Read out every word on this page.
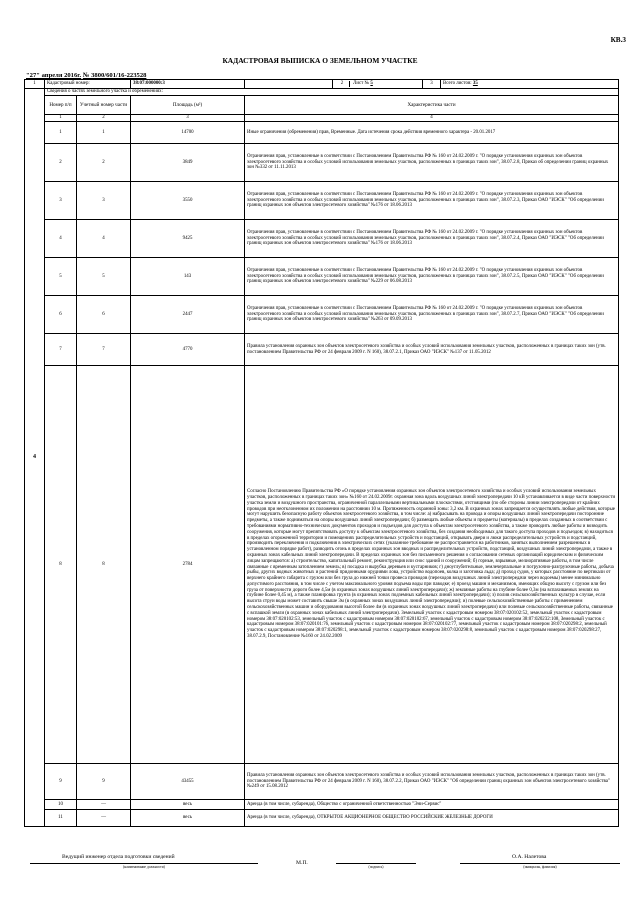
КВ.3
КАДАСТРОВАЯ ВЫПИСКА О ЗЕМЕЛЬНОМ УЧАСТКЕ
"27" апреля 2016г. № 3800/601/16-223528
1	Кадастровый номер:		38:07:000000:3		2 Лист № 5	3	Всего листов: 35
4	Сведения о частях земельного участка и обременениях:						
	Номер п/п	Учетный номер части	Площадь (м²)	Характеристика части			
	1	2	3	4			
	1	1	14700	Иные ограничения (обременения) прав, Временные. Дата истечения срока действия временного характера - 20.01.2017			
	2	2	3849	Ограничения прав, установленные в соответствии с Постановлением Правительства РФ № 160 от 24.02.2009 г. "О порядке установления охранных зон объектов электросетевого хозяйства и особых условий использования земельных участков, расположенных в границах таких зон", 38.07.2.8, Приказ об определении границ охранных зон №332 от 11.11.2013			
	3	3	3550	Ограничения прав, установленные в соответствии с Постановлением Правительства РФ № 160 от 24.02.2009 г. "О порядке установления охранных зон объектов электросетевого хозяйства и особых условий использования земельных участков, расположенных в границах таких зон", 38.07.2.3, Приказ ОАО "ИЭСК" "Об определении границ охранных зон объектов электросетевого хозяйства" №176 от 18.06.2013			
	4	4	9425	Ограничения прав, установленные в соответствии с Постановлением Правительства РФ № 160 от 24.02.2009 г. "О порядке установления охранных зон объектов электросетевого хозяйства и особых условий использования земельных участков, расположенных в границах таких зон", 38.07.2.4, Приказ ОАО "ИЭСК" "Об определении границ охранных зон объектов электросетевого хозяйства" №176 от 18.06.2013			
	5	5	143	Ограничения прав, установленные в соответствии с Постановлением Правительства РФ № 160 от 24.02.2009 г. "О порядке установления охранных зон объектов электросетевого хозяйства и особых условий использования земельных участков, расположенных в границах таких зон", 38.07.2.5, Приказ ОАО "ИЭСК" "Об определении границ охранных зон объектов электросетевого хозяйства" №229 от 06.08.2013			
	6	6	2447	Ограничения прав, установленные в соответствии с Постановлением Правительства РФ № 160 от 24.02.2009 г. "О порядке установления охранных зон объектов электросетевого хозяйства и особых условий использования земельных участков, расположенных в границах таких зон", 38.07.2.7, Приказ ОАО "ИЭСК" "Об определении границ охранных зон объектов электросетевого хозяйства" №263 от 09.09.2013			
	7	7	4770	Правила установления охранных зон объектов электросетевого хозяйства и особых условий использования земельных участков, расположенных в границах таких зон (утв. постановлением Правительства РФ от 24 февраля 2009 г. N 160), 38.07.2.1, Приказ ОАО "ИЭСК" №137 от 11.05.2012			
	8	8	2784	Согласно Постановлению Правительства РФ «О порядке установления охранных зон объектов электросетевого хозяйства и особых условий использования земельных участков, расположенных в границах таких зон» №160 от 24.02.2009г. охранная зона вдоль воздушных линий электропередачи 10 кВ устанавливается в виде части поверхности участка земли и воздушного пространства, ограниченной параллельными вертикальными плоскостями, отстоящими (по обе стороны линии электропередачи от крайних проводов при неотклоненном их положении на расстоянии 10 м. Протяженность охранной зоны: 3,2 км. В охранных зонах запрещается осуществлять любые действия, которые могут нарушить безопасную работу объектов электросетевого хозяйства, в том числе: а) набрасывать на провода и опоры воздушных линий электропередачи посторонние предметы, а также подниматься на опоры воздушных линий электропередачи; б) размещать любые объекты и предметы (материалы) в пределах созданных в соответствии с требованиями нормативно-технических документов проходов и подъездов для доступа к объектам электросетевого хозяйства, а также проводить любые работы и возводить сооружения, которые могут препятствовать доступу к объектам электросетевого хозяйства, без создания необходимых для такого доступа проходов и подъездов; в) находиться в пределах огороженной территории и помещениях распределительных устройств и подстанций, открывать двери и люки распределительных устройств и подстанций, производить переключения и подключения в электрических сетях (указанное требование не распространяется на работников, занятых выполнением разрешенных в установленном порядке работ), разводить огонь в пределах охранных зон вводных и распределительных устройств, подстанций, воздушных линий электропередачи, а также в охранных зонах кабельных линий электропередачи. В пределах охранных зон без письменного решения о согласовании сетевых организаций юридическим и физическим лицам запрещаются: а) строительство, капитальный ремонт, реконструкция или снос зданий и сооружений; б) горные, взрывные, мелиоративные работы, в том числе связанные с временным затоплением земель; в) посадка и вырубка деревьев и кустарников; г) дноуглубительные, землечерпальные и погрузочно-разгрузочные работы, добыча рыбы, других водных животных и растений придонными орудиями лова, устройство водопоев, колка и заготовка льда; д) проход судов, у которых расстояние по вертикали от верхнего крайнего габарита с грузом или без груза до нижней точки провеса проводов (переходов воздушных линий электропередачи через водоемы) менее минимально допустимого расстояния, в том числе с учетом максимального уровня подъема воды при паводке; е) проезд машин и механизмов, имеющих общую высоту с грузом или без груза от поверхности дороги более 4,5м (в охранных зонах воздушных линий электропередачи); ж) земляные работы на глубине более 0,3м (на вспахиваемых землях на глубине более 0,45 м), а также планировка грунта (в охранных зонах подземных кабельных линий электропередачи); з) полив сельскохозяйственных культур в случае, если высота струи воды может составить свыше 3м (в охранных зонах воздушных линий электропередачи); и) полевые сельскохозяйственные работы с применением сельскохозяйственных машин и оборудования высотой более 4м (в охранных зонах воздушных линий электропередачи) или полевые сельскохозяйственные работы, связанные с вспашкой земли (в охранных зонах кабельных линий электропередачи). Земельный участок с кадастровым номером 38:07:020102:52, земельный участок с кадастровым номером 38:07:020102:53, земельный участок с кадастровым номером 38:07:020102:67, земельный участок с кадастровым номером 38:07:020232:108, Земельный участок с кадастровым номером 38:07:020101:76, земельный участок с кадастровым номером 38:07:020102:77, земельный участок с кадастровым номером 38:07:020298:2, земельный участок с кадастровым номером 38:07:020298:1, земельный участок с кадастровым номером 38:07:020298:8, земельный участок с кадастровым номером 38:07:020298:27, 38.07.2.9, Постановление №160 от 24.02.2009			
	9	9	43455	Правила установления охранных зон объектов электросетевого хозяйства и особых условий использования земельных участков, расположенных в границах таких зон (утв. постановлением Правительства РФ от 24 февраля 2009 г. N 160), 38.07.2.2, Приказ ОАО "ИЭСК" "Об определении границ охранных зон объектов электросетевого хозяйства" №249 от 15.08.2012			
	10	—	весь	Аренда (в том числе, субаренда), Общество с ограниченной ответственностью "Эни-Сервис"			
	11	—	весь	Аренда (в том числе, субаренда), ОТКРЫТОЕ АКЦИОНЕРНОЕ ОБЩЕСТВО РОССИЙСКИЕ ЖЕЛЕЗНЫЕ ДОРОГИ			
Ведущий инженер отдела подготовки сведений
(наименование должности)
М.П.
(подпись)
О.А. Налетова
(инициалы, фамилия)
